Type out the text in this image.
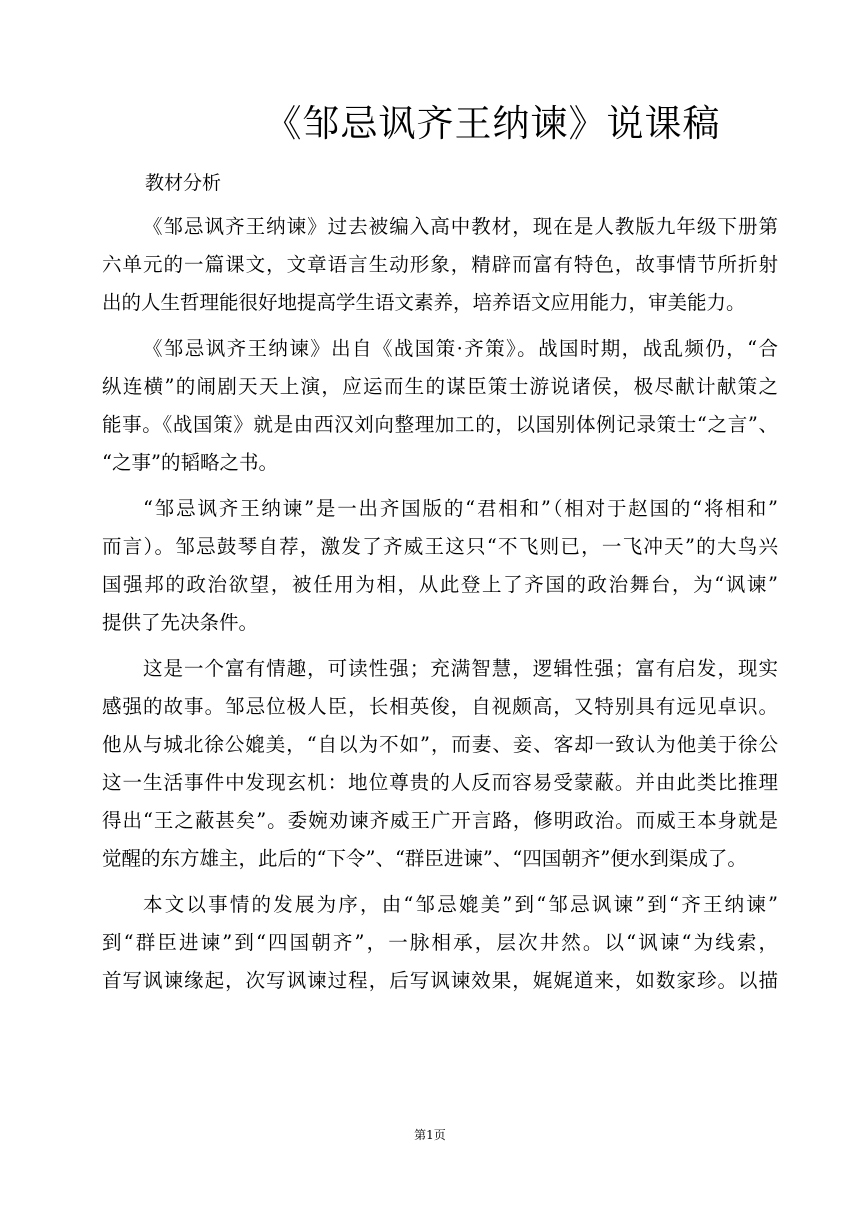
《邹忌讽齐王纳谏》说课稿
教材分析
《邹忌讽齐王纳谏》过去被编入高中教材，现在是人教版九年级下册第
六单元的一篇课文，文章语言生动形象，精辟而富有特色，故事情节所折射
出的人生哲理能很好地提高学生语文素养，培养语文应用能力，审美能力。
《邹忌讽齐王纳谏》出自《战国策·齐策》。战国时期，战乱频仍，“合
纵连横”的闹剧天天上演，应运而生的谋臣策士游说诸侯，极尽献计献策之
能事。《战国策》就是由西汉刘向整理加工的，以国别体例记录策士“之言”、
“之事”的韬略之书。
“邹忌讽齐王纳谏”是一出齐国版的“君相和”（相对于赵国的“将相和”
而言）。邹忌鼓琴自荐，激发了齐威王这只“不飞则已，一飞冲天”的大鸟兴
国强邦的政治欲望，被任用为相，从此登上了齐国的政治舞台，为“讽谏”
提供了先决条件。
这是一个富有情趣，可读性强；充满智慧，逻辑性强；富有启发，现实
感强的故事。邹忌位极人臣，长相英俊，自视颇高，又特别具有远见卓识。
他从与城北徐公媲美，“自以为不如”，而妻、妾、客却一致认为他美于徐公
这一生活事件中发现玄机：地位尊贵的人反而容易受蒙蔽。并由此类比推理
得出“王之蔽甚矣”。委婉劝谏齐威王广开言路，修明政治。而威王本身就是
觉醒的东方雄主，此后的“下令”、“群臣进谏”、“四国朝齐”便水到渠成了。
本文以事情的发展为序，由“邹忌媲美”到“邹忌讽谏”到“齐王纳谏”
到“群臣进谏”到“四国朝齐”，一脉相承，层次井然。以“讽谏“为线索，
首写讽谏缘起，次写讽谏过程，后写讽谏效果，娓娓道来，如数家珍。以描
第1页
